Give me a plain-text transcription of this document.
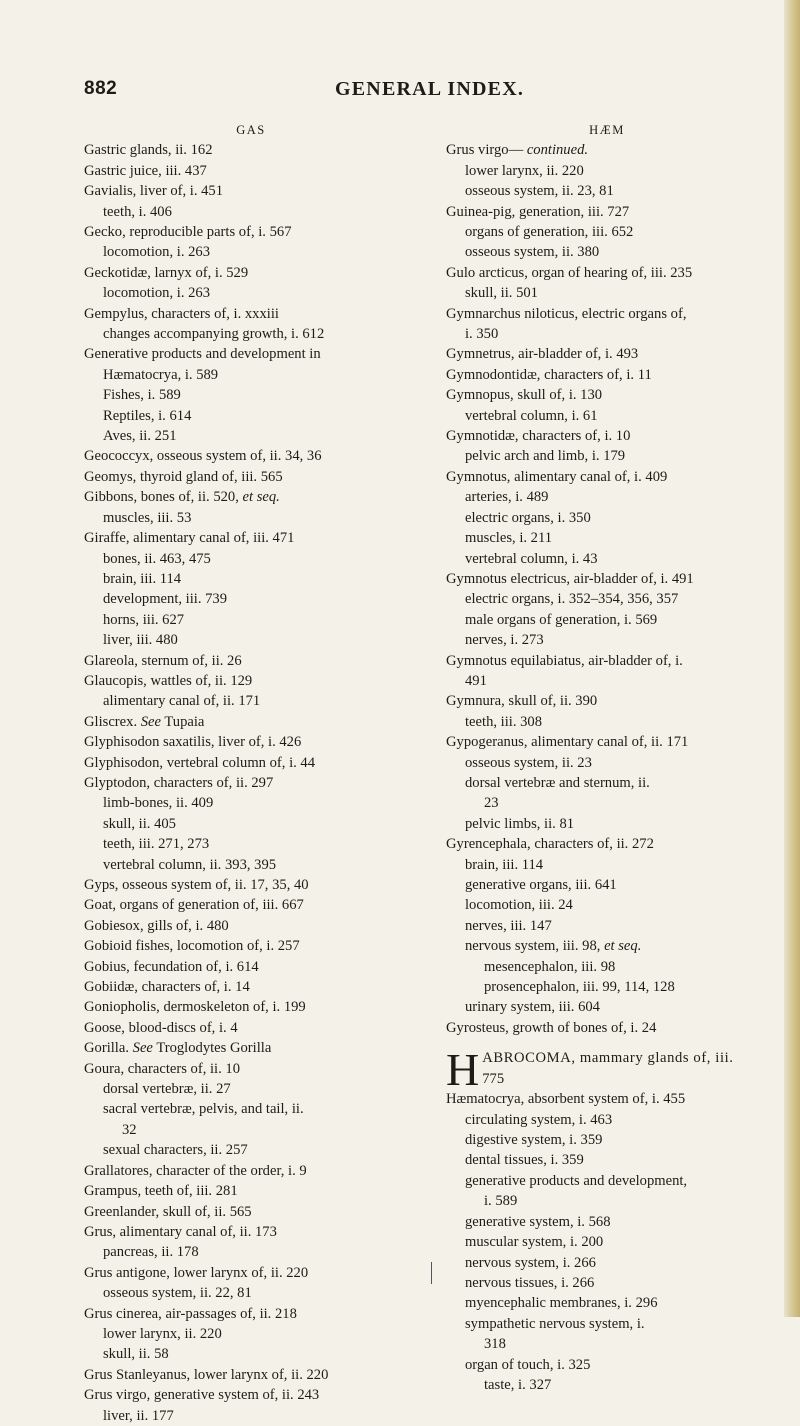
882	GENERAL INDEX.
GAS
Gastric glands, ii. 162
Gastric juice, iii. 437
Gavialis, liver of, i. 451
teeth, i. 406
Gecko, reproducible parts of, i. 567
locomotion, i. 263
Geckotidæ, larnyx of, i. 529
locomotion, i. 263
Gempylus, characters of, i. xxxiii
changes accompanying growth, i. 612
Generative products and development in
Hæmatocrya, i. 589
Fishes, i. 589
Reptiles, i. 614
Aves, ii. 251
Geococcyx, osseous system of, ii. 34, 36
Geomys, thyroid gland of, iii. 565
Gibbons, bones of, ii. 520, et seq.
muscles, iii. 53
Giraffe, alimentary canal of, iii. 471
bones, ii. 463, 475
brain, iii. 114
development, iii. 739
horns, iii. 627
liver, iii. 480
Glareola, sternum of, ii. 26
Glaucopis, wattles of, ii. 129
alimentary canal of, ii. 171
Gliscrex. See Tupaia
Glyphisodon saxatilis, liver of, i. 426
Glyphisodon, vertebral column of, i. 44
Glyptodon, characters of, ii. 297
limb-bones, ii. 409
skull, ii. 405
teeth, iii. 271, 273
vertebral column, ii. 393, 395
Gyps, osseous system of, ii. 17, 35, 40
Goat, organs of generation of, iii. 667
Gobiesox, gills of, i. 480
Gobioid fishes, locomotion of, i. 257
Gobius, fecundation of, i. 614
Gobiidæ, characters of, i. 14
Goniopholis, dermoskeleton of, i. 199
Goose, blood-discs of, i. 4
Gorilla. See Troglodytes Gorilla
Goura, characters of, ii. 10
dorsal vertebræ, ii. 27
sacral vertebræ, pelvis, and tail, ii.
32
sexual characters, ii. 257
Grallatores, character of the order, i. 9
Grampus, teeth of, iii. 281
Greenlander, skull of, ii. 565
Grus, alimentary canal of, ii. 173
pancreas, ii. 178
Grus antigone, lower larynx of, ii. 220
osseous system, ii. 22, 81
Grus cinerea, air-passages of, ii. 218
lower larynx, ii. 220
skull, ii. 58
Grus Stanleyanus, lower larynx of, ii. 220
Grus virgo, generative system of, ii. 243
liver, ii. 177
HÆM
Grus virgo— continued.
lower larynx, ii. 220
osseous system, ii. 23, 81
Guinea-pig, generation, iii. 727
organs of generation, iii. 652
osseous system, ii. 380
Gulo arcticus, organ of hearing of, iii. 235
skull, ii. 501
Gymnarchus niloticus, electric organs of,
i. 350
Gymnetrus, air-bladder of, i. 493
Gymnodontidæ, characters of, i. 11
Gymnopus, skull of, i. 130
vertebral column, i. 61
Gymnotidæ, characters of, i. 10
pelvic arch and limb, i. 179
Gymnotus, alimentary canal of, i. 409
arteries, i. 489
electric organs, i. 350
muscles, i. 211
vertebral column, i. 43
Gymnotus electricus, air-bladder of, i. 491
electric organs, i. 352–354, 356, 357
male organs of generation, i. 569
nerves, i. 273
Gymnotus equilabiatus, air-bladder of, i.
491
Gymnura, skull of, ii. 390
teeth, iii. 308
Gypogeranus, alimentary canal of, ii. 171
osseous system, ii. 23
dorsal vertebræ and sternum, ii.
23
pelvic limbs, ii. 81
Gyrencephala, characters of, ii. 272
brain, iii. 114
generative organs, iii. 641
locomotion, iii. 24
nerves, iii. 147
nervous system, iii. 98, et seq.
mesencephalon, iii. 98
prosencephalon, iii. 99, 114, 128
urinary system, iii. 604
Gyrosteus, growth of bones of, i. 24
H ABROCOMA, mammary glands of, iii.
775
Hæmatocrya, absorbent system of, i. 455
circulating system, i. 463
digestive system, i. 359
dental tissues, i. 359
generative products and development,
i. 589
generative system, i. 568
muscular system, i. 200
nervous system, i. 266
nervous tissues, i. 266
myencephalic membranes, i. 296
sympathetic nervous system, i.
318
organ of touch, i. 325
taste, i. 327
